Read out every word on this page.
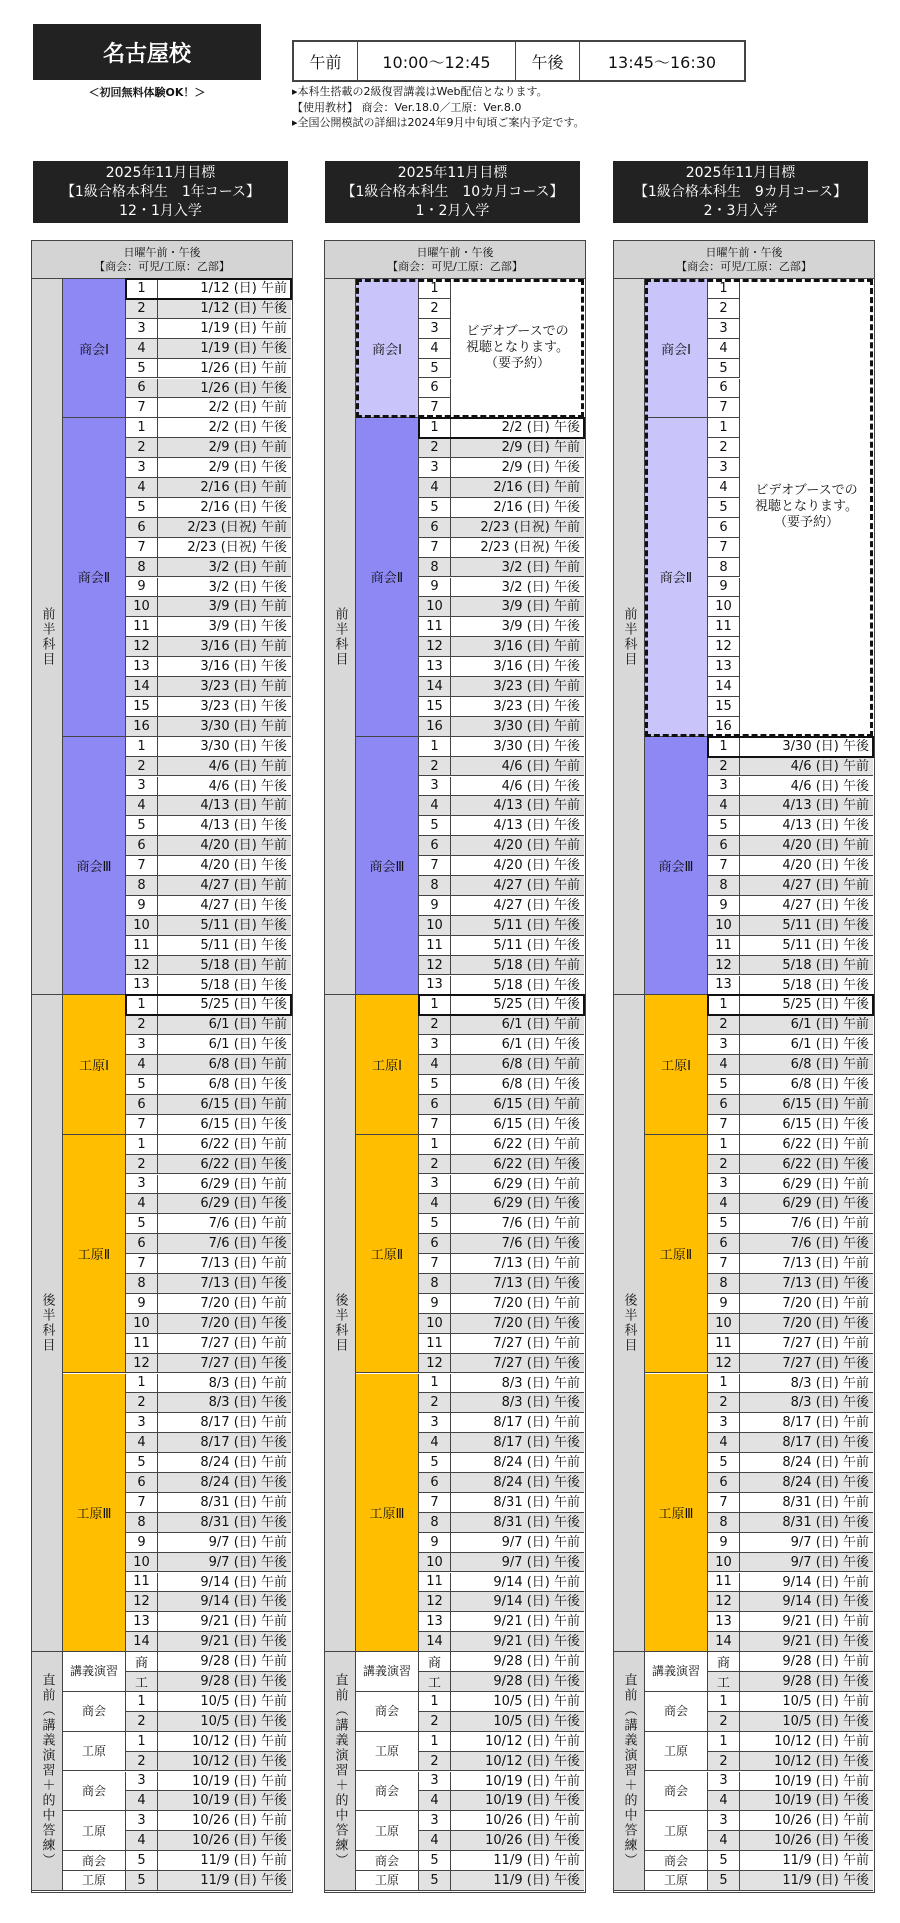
名古屋校
＜初回無料体験OK！＞
午前	10:00～12:45	午後	13:45～16:30
▸本科生搭載の2級復習講義はWeb配信となります。
【使用教材】 商会：Ver.18.0／工原：Ver.8.0
▸全国公開模試の詳細は2024年9月中旬頃ご案内予定です。
2025年11月目標
【1級合格本科生　1年コース】
12・1月入学
2025年11月目標
【1級合格本科生　10カ月コース】
1・2月入学
2025年11月目標
【1級合格本科生　9カ月コース】
2・3月入学
日曜午前・午後
【商会：可児/工原：乙部】
前半科目
後半科目
直前（講義演習＋的中答練）
商会Ⅰ
1	1/12 (日) 午前
2	1/12 (日) 午後
3	1/19 (日) 午前
4	1/19 (日) 午後
5	1/26 (日) 午前
6	1/26 (日) 午後
7	2/2 (日) 午前
商会Ⅱ
1	2/2 (日) 午後
2	2/9 (日) 午前
3	2/9 (日) 午後
4	2/16 (日) 午前
5	2/16 (日) 午後
6	2/23 (日祝) 午前
7	2/23 (日祝) 午後
8	3/2 (日) 午前
9	3/2 (日) 午後
10	3/9 (日) 午前
11	3/9 (日) 午後
12	3/16 (日) 午前
13	3/16 (日) 午後
14	3/23 (日) 午前
15	3/23 (日) 午後
16	3/30 (日) 午前
商会Ⅲ
1	3/30 (日) 午後
2	4/6 (日) 午前
3	4/6 (日) 午後
4	4/13 (日) 午前
5	4/13 (日) 午後
6	4/20 (日) 午前
7	4/20 (日) 午後
8	4/27 (日) 午前
9	4/27 (日) 午後
10	5/11 (日) 午後
11	5/11 (日) 午後
12	5/18 (日) 午前
13	5/18 (日) 午後
工原Ⅰ
1	5/25 (日) 午後
2	6/1 (日) 午前
3	6/1 (日) 午後
4	6/8 (日) 午前
5	6/8 (日) 午後
6	6/15 (日) 午前
7	6/15 (日) 午後
工原Ⅱ
1	6/22 (日) 午前
2	6/22 (日) 午後
3	6/29 (日) 午前
4	6/29 (日) 午後
5	7/6 (日) 午前
6	7/6 (日) 午後
7	7/13 (日) 午前
8	7/13 (日) 午後
9	7/20 (日) 午前
10	7/20 (日) 午後
11	7/27 (日) 午前
12	7/27 (日) 午後
工原Ⅲ
1	8/3 (日) 午前
2	8/3 (日) 午後
3	8/17 (日) 午前
4	8/17 (日) 午後
5	8/24 (日) 午前
6	8/24 (日) 午後
7	8/31 (日) 午前
8	8/31 (日) 午後
9	9/7 (日) 午前
10	9/7 (日) 午後
11	9/14 (日) 午前
12	9/14 (日) 午後
13	9/21 (日) 午前
14	9/21 (日) 午後
講義演習
商会
工原
商会
工原
商会
工原
商	9/28 (日) 午前
工	9/28 (日) 午後
1	10/5 (日) 午前
2	10/5 (日) 午後
1	10/12 (日) 午前
2	10/12 (日) 午後
3	10/19 (日) 午前
4	10/19 (日) 午後
3	10/26 (日) 午前
4	10/26 (日) 午後
5	11/9 (日) 午前
5	11/9 (日) 午後
日曜午前・午後
【商会：可児/工原：乙部】
前半科目
後半科目
直前（講義演習＋的中答練）
商会Ⅰ
1
2
3
4
5
6
7
ビデオブースでの
視聴となります。
（要予約）
商会Ⅱ
1	2/2 (日) 午後
2	2/9 (日) 午前
3	2/9 (日) 午後
4	2/16 (日) 午前
5	2/16 (日) 午後
6	2/23 (日祝) 午前
7	2/23 (日祝) 午後
8	3/2 (日) 午前
9	3/2 (日) 午後
10	3/9 (日) 午前
11	3/9 (日) 午後
12	3/16 (日) 午前
13	3/16 (日) 午後
14	3/23 (日) 午前
15	3/23 (日) 午後
16	3/30 (日) 午前
商会Ⅲ
1	3/30 (日) 午後
2	4/6 (日) 午前
3	4/6 (日) 午後
4	4/13 (日) 午前
5	4/13 (日) 午後
6	4/20 (日) 午前
7	4/20 (日) 午後
8	4/27 (日) 午前
9	4/27 (日) 午後
10	5/11 (日) 午後
11	5/11 (日) 午後
12	5/18 (日) 午前
13	5/18 (日) 午後
工原Ⅰ
1	5/25 (日) 午後
2	6/1 (日) 午前
3	6/1 (日) 午後
4	6/8 (日) 午前
5	6/8 (日) 午後
6	6/15 (日) 午前
7	6/15 (日) 午後
工原Ⅱ
1	6/22 (日) 午前
2	6/22 (日) 午後
3	6/29 (日) 午前
4	6/29 (日) 午後
5	7/6 (日) 午前
6	7/6 (日) 午後
7	7/13 (日) 午前
8	7/13 (日) 午後
9	7/20 (日) 午前
10	7/20 (日) 午後
11	7/27 (日) 午前
12	7/27 (日) 午後
工原Ⅲ
1	8/3 (日) 午前
2	8/3 (日) 午後
3	8/17 (日) 午前
4	8/17 (日) 午後
5	8/24 (日) 午前
6	8/24 (日) 午後
7	8/31 (日) 午前
8	8/31 (日) 午後
9	9/7 (日) 午前
10	9/7 (日) 午後
11	9/14 (日) 午前
12	9/14 (日) 午後
13	9/21 (日) 午前
14	9/21 (日) 午後
講義演習
商会
工原
商会
工原
商会
工原
商	9/28 (日) 午前
工	9/28 (日) 午後
1	10/5 (日) 午前
2	10/5 (日) 午後
1	10/12 (日) 午前
2	10/12 (日) 午後
3	10/19 (日) 午前
4	10/19 (日) 午後
3	10/26 (日) 午前
4	10/26 (日) 午後
5	11/9 (日) 午前
5	11/9 (日) 午後
日曜午前・午後
【商会：可児/工原：乙部】
前半科目
後半科目
直前（講義演習＋的中答練）
商会Ⅰ
1
2
3
4
5
6
7
商会Ⅱ
1
2
3
4
5
6
7
8
9
10
11
12
13
14
15
16
ビデオブースでの
視聴となります。
（要予約）
商会Ⅲ
1	3/30 (日) 午後
2	4/6 (日) 午前
3	4/6 (日) 午後
4	4/13 (日) 午前
5	4/13 (日) 午後
6	4/20 (日) 午前
7	4/20 (日) 午後
8	4/27 (日) 午前
9	4/27 (日) 午後
10	5/11 (日) 午後
11	5/11 (日) 午後
12	5/18 (日) 午前
13	5/18 (日) 午後
工原Ⅰ
1	5/25 (日) 午後
2	6/1 (日) 午前
3	6/1 (日) 午後
4	6/8 (日) 午前
5	6/8 (日) 午後
6	6/15 (日) 午前
7	6/15 (日) 午後
工原Ⅱ
1	6/22 (日) 午前
2	6/22 (日) 午後
3	6/29 (日) 午前
4	6/29 (日) 午後
5	7/6 (日) 午前
6	7/6 (日) 午後
7	7/13 (日) 午前
8	7/13 (日) 午後
9	7/20 (日) 午前
10	7/20 (日) 午後
11	7/27 (日) 午前
12	7/27 (日) 午後
工原Ⅲ
1	8/3 (日) 午前
2	8/3 (日) 午後
3	8/17 (日) 午前
4	8/17 (日) 午後
5	8/24 (日) 午前
6	8/24 (日) 午後
7	8/31 (日) 午前
8	8/31 (日) 午後
9	9/7 (日) 午前
10	9/7 (日) 午後
11	9/14 (日) 午前
12	9/14 (日) 午後
13	9/21 (日) 午前
14	9/21 (日) 午後
講義演習
商会
工原
商会
工原
商会
工原
商	9/28 (日) 午前
工	9/28 (日) 午後
1	10/5 (日) 午前
2	10/5 (日) 午後
1	10/12 (日) 午前
2	10/12 (日) 午後
3	10/19 (日) 午前
4	10/19 (日) 午後
3	10/26 (日) 午前
4	10/26 (日) 午後
5	11/9 (日) 午前
5	11/9 (日) 午後
